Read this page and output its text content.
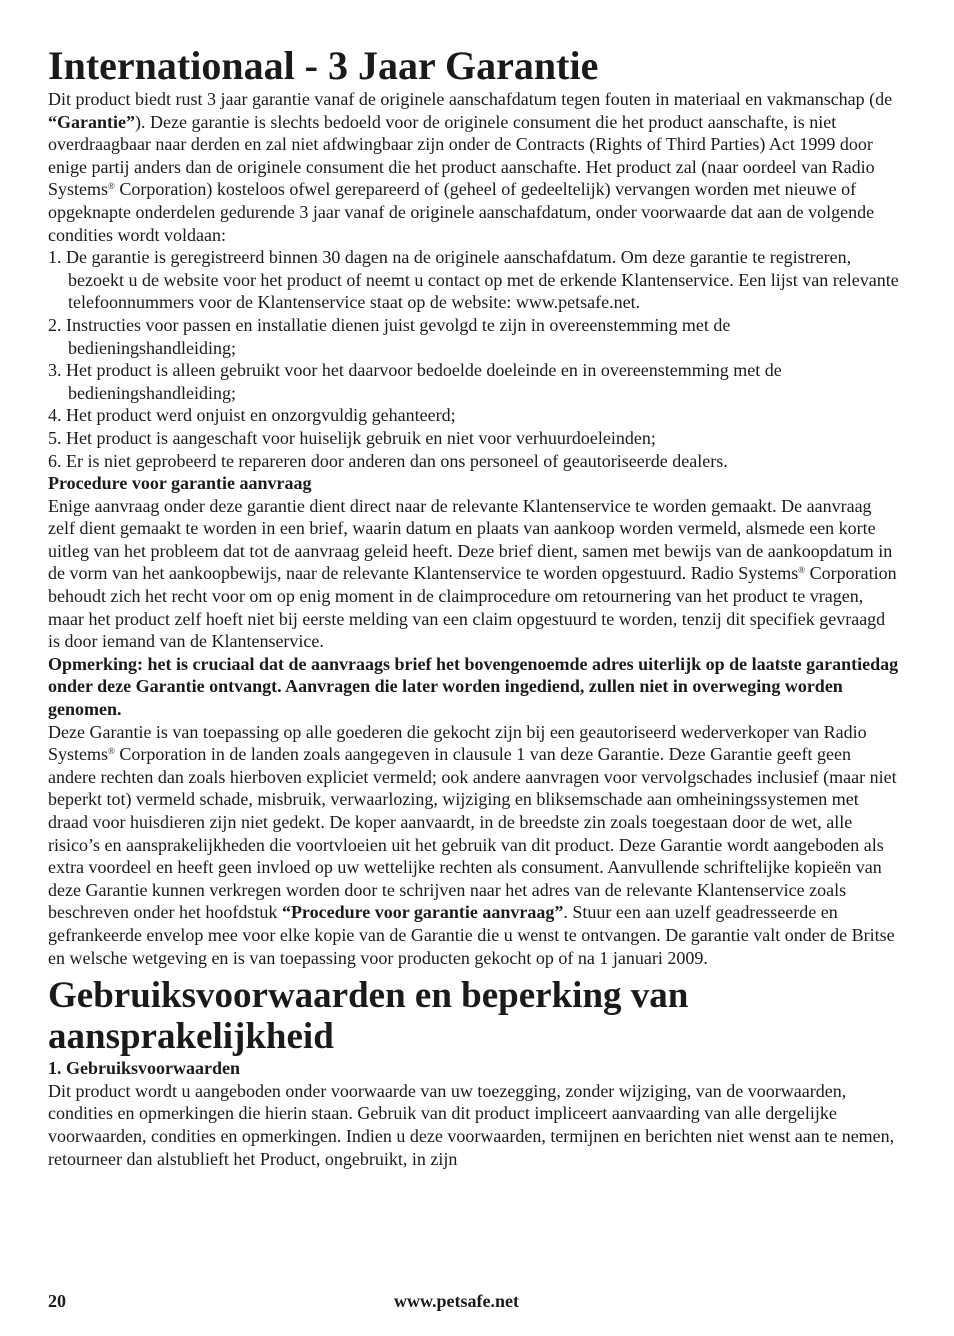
Internationaal - 3 Jaar Garantie

Dit product biedt rust 3 jaar garantie vanaf de originele aanschafdatum tegen fouten in materiaal en vakmanschap (de “Garantie”). Deze garantie is slechts bedoeld voor de originele consument die het product aanschafte, is niet overdraagbaar naar derden en zal niet afdwingbaar zijn onder de Contracts (Rights of Third Parties) Act 1999 door enige partij anders dan de originele consument die het product aanschafte. Het product zal (naar oordeel van Radio Systems® Corporation) kosteloos ofwel gerepareerd of (geheel of gedeeltelijk) vervangen worden met nieuwe of opgeknapte onderdelen gedurende 3 jaar vanaf de originele aanschafdatum, onder voorwaarde dat aan de volgende condities wordt voldaan:

1. De garantie is geregistreerd binnen 30 dagen na de originele aanschafdatum. Om deze garantie te registreren, bezoekt u de website voor het product of neemt u contact op met de erkende Klantenservice. Een lijst van relevante telefoonnummers voor de Klantenservice staat op de website: www.petsafe.net.
2. Instructies voor passen en installatie dienen juist gevolgd te zijn in overeenstemming met de bedieningshandleiding;
3. Het product is alleen gebruikt voor het daarvoor bedoelde doeleinde en in overeenstemming met de bedieningshandleiding;
4. Het product werd onjuist en onzorgvuldig gehanteerd;
5. Het product is aangeschaft voor huiselijk gebruik en niet voor verhuurdoeleinden;
6. Er is niet geprobeerd te repareren door anderen dan ons personeel of geautoriseerde dealers.

Procedure voor garantie aanvraag

Enige aanvraag onder deze garantie dient direct naar de relevante Klantenservice te worden gemaakt. De aanvraag zelf dient gemaakt te worden in een brief, waarin datum en plaats van aankoop worden vermeld, alsmede een korte uitleg van het probleem dat tot de aanvraag geleid heeft. Deze brief dient, samen met bewijs van de aankoopdatum in de vorm van het aankoopbewijs, naar de relevante Klantenservice te worden opgestuurd. Radio Systems® Corporation behoudt zich het recht voor om op enig moment in de claimprocedure om retournering van het product te vragen, maar het product zelf hoeft niet bij eerste melding van een claim opgestuurd te worden, tenzij dit specifiek gevraagd is door iemand van de Klantenservice.

Opmerking: het is cruciaal dat de aanvraags brief het bovengenoemde adres uiterlijk op de laatste garantiedag onder deze Garantie ontvangt. Aanvragen die later worden ingediend, zullen niet in overweging worden genomen.

Deze Garantie is van toepassing op alle goederen die gekocht zijn bij een geautoriseerd wederverkoper van Radio Systems® Corporation in de landen zoals aangegeven in clausule 1 van deze Garantie. Deze Garantie geeft geen andere rechten dan zoals hierboven expliciet vermeld; ook andere aanvragen voor vervolgschades inclusief (maar niet beperkt tot) vermeld schade, misbruik, verwaarlozing, wijziging en bliksemschade aan omheiningssystemen met draad voor huisdieren zijn niet gedekt. De koper aanvaardt, in de breedste zin zoals toegestaan door de wet, alle risico’s en aansprakelijkheden die voortvloeien uit het gebruik van dit product. Deze Garantie wordt aangeboden als extra voordeel en heeft geen invloed op uw wettelijke rechten als consument. Aanvullende schriftelijke kopieën van deze Garantie kunnen verkregen worden door te schrijven naar het adres van de relevante Klantenservice zoals beschreven onder het hoofdstuk “Procedure voor garantie aanvraag”. Stuur een aan uzelf geadresseerde en gefrankeerde envelop mee voor elke kopie van de Garantie die u wenst te ontvangen. De garantie valt onder de Britse en welsche wetgeving en is van toepassing voor producten gekocht op of na 1 januari 2009.

Gebruiksvoorwaarden en beperking van aansprakelijkheid

1. Gebruiksvoorwaarden

Dit product wordt u aangeboden onder voorwaarde van uw toezegging, zonder wijziging, van de voorwaarden, condities en opmerkingen die hierin staan. Gebruik van dit product impliceert aanvaarding van alle dergelijke voorwaarden, condities en opmerkingen. Indien u deze voorwaarden, termijnen en berichten niet wenst aan te nemen, retourneer dan alstublieft het Product, ongebruikt, in zijn

20	www.petsafe.net
